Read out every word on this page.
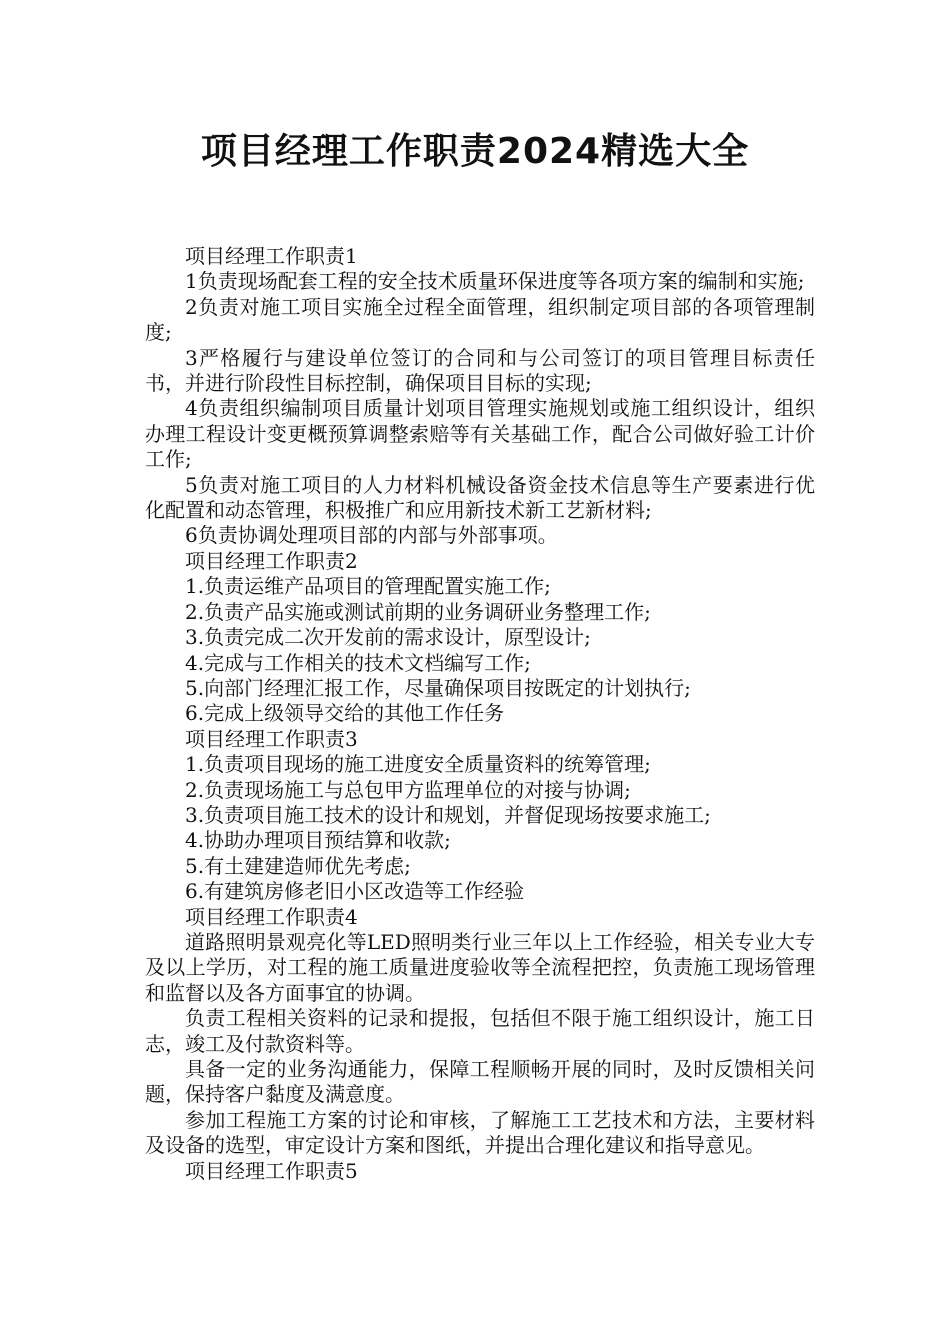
项目经理工作职责2024精选大全

项目经理工作职责1

1负责现场配套工程的安全技术质量环保进度等各项方案的编制和实施;

2负责对施工项目实施全过程全面管理，组织制定项目部的各项管理制度;

3严格履行与建设单位签订的合同和与公司签订的项目管理目标责任书，并进行阶段性目标控制，确保项目目标的实现;

4负责组织编制项目质量计划项目管理实施规划或施工组织设计，组织办理工程设计变更概预算调整索赔等有关基础工作，配合公司做好验工计价工作;

5负责对施工项目的人力材料机械设备资金技术信息等生产要素进行优化配置和动态管理，积极推广和应用新技术新工艺新材料;

6负责协调处理项目部的内部与外部事项。

项目经理工作职责2

1.负责运维产品项目的管理配置实施工作;

2.负责产品实施或测试前期的业务调研业务整理工作;

3.负责完成二次开发前的需求设计，原型设计;

4.完成与工作相关的技术文档编写工作;

5.向部门经理汇报工作，尽量确保项目按既定的计划执行;

6.完成上级领导交给的其他工作任务

项目经理工作职责3

1.负责项目现场的施工进度安全质量资料的统筹管理;

2.负责现场施工与总包甲方监理单位的对接与协调;

3.负责项目施工技术的设计和规划，并督促现场按要求施工;

4.协助办理项目预结算和收款;

5.有土建建造师优先考虑;

6.有建筑房修老旧小区改造等工作经验

项目经理工作职责4

道路照明景观亮化等LED照明类行业三年以上工作经验，相关专业大专及以上学历，对工程的施工质量进度验收等全流程把控，负责施工现场管理和监督以及各方面事宜的协调。

负责工程相关资料的记录和提报，包括但不限于施工组织设计，施工日志，竣工及付款资料等。

具备一定的业务沟通能力，保障工程顺畅开展的同时，及时反馈相关问题，保持客户黏度及满意度。

参加工程施工方案的讨论和审核，了解施工工艺技术和方法，主要材料及设备的选型，审定设计方案和图纸，并提出合理化建议和指导意见。

项目经理工作职责5
